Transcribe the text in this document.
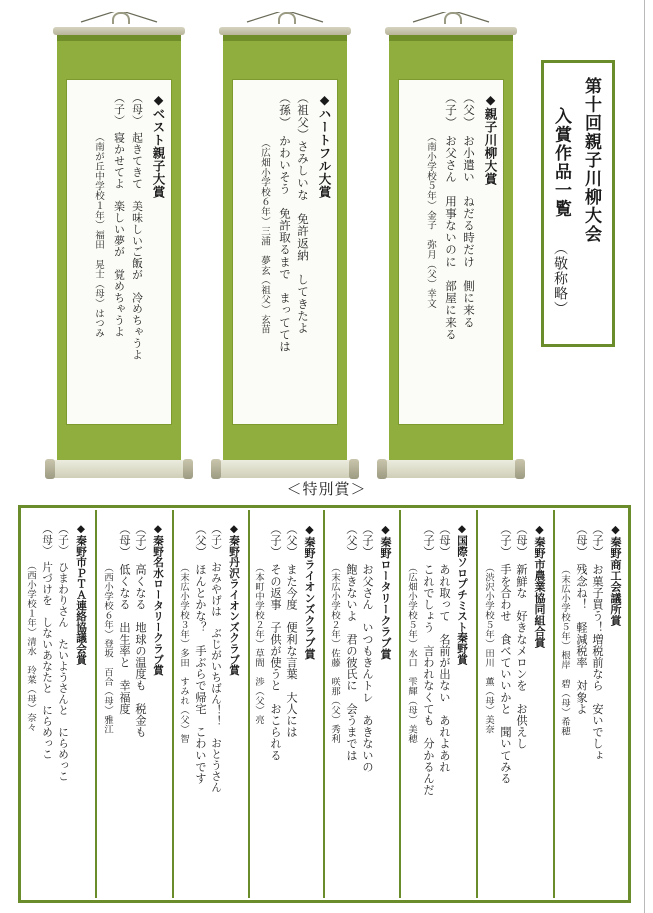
◆親子川柳大賞
（父）　お小遣い　ねだる時だけ　側に来る
（子）　お父さん　用事ないのに　部屋に来る
（南小学校５年）金子　弥月（父）幸文
◆ハートフル大賞
（祖父）さみしいな　免許返納　してきたよ
（孫）　かわいそう　免許取るまで　まってては
（広畑小学校６年）三浦　夢玄（祖父）玄苗
◆ベスト親子大賞
（母）　起きてきて　美味しいご飯が　冷めちゃうよ
（子）　寝かせてよ　楽しい夢が　覚めちゃうよ
（南が丘中学校１年）福田　晃士（母）はつみ	第十回親子川柳大会
入賞作品一覧
（敬称略）
＜特別賞＞
◆秦野商工会議所賞
（子）　お菓子買う！増税前なら　安いでしょ
（母）　残念ね！　軽減税率　対象よ
（末広小学校５年）根岸　碧（母）希穂
◆秦野市農業協同組合賞
（母）　新鮮な　好きなメロンを　お供えし
（子）　手を合わせ　食べていいかと　聞いてみる
（渋沢小学校５年）田川　薫（母）美奈
◆国際ソロプチミスト秦野賞
（母）　あれ取って　名前が出ない　あれよあれ
（子）　これでしょう　言われなくても　分かるんだ
（広畑小学校５年）水口　雫輝（母）美穂
◆秦野ロータリークラブ賞
（子）　お父さん　いつもきんトレ　あきないの
（父）　飽きないよ　君の彼氏に　会うまでは
（末広小学校２年）佐藤　咲那（父）秀利
◆秦野ライオンズクラブ賞
（父）　また今度　便利な言葉　大人には
（子）　その返事　子供が使うと　おこられる
（本町中学校２年）草間　渉（父）亮
◆秦野丹沢ライオンズクラブ賞
（子）　おみやげは　ぶじがいちばん！！　おとうさん
（父）　ほんとかな？　手ぶらで帰宅　こわいです
（末広小学校３年）多田　すみれ（父）智
◆秦野名水ロータリークラブ賞
（子）　高くなる　地球の温度も　税金も
（母）　低くなる　出生率と　幸福度
（西小学校６年）登坂　百合（母）雅江
◆秦野市ＰＴＡ連絡協議会賞
（子）　ひまわりさん　たいようさんと　にらめっこ
（母）　片づけを　しないあなたと　にらめっこ
（西小学校１年）清水　玲菜（母）奈々
